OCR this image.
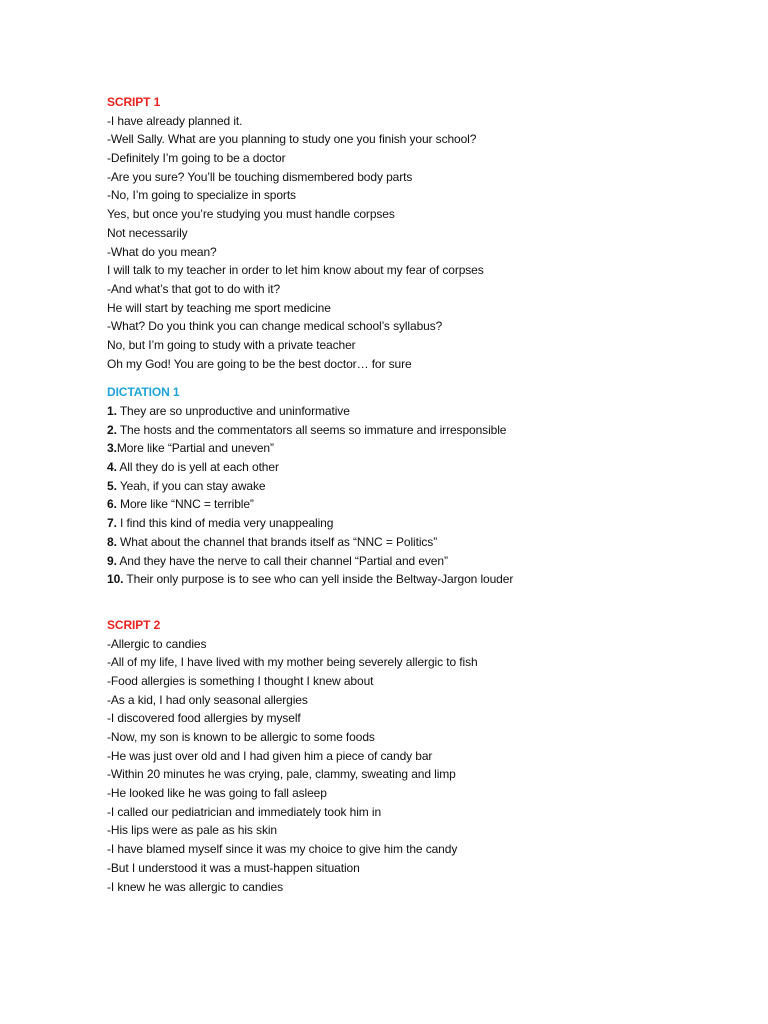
SCRIPT 1
-I have already planned it.
-Well Sally. What are you planning to study one you finish your school?
-Definitely I’m going to be a doctor
-Are you sure? You’ll be touching dismembered body parts
-No, I’m going to specialize in sports
Yes, but once you’re studying you must handle corpses
Not necessarily
-What do you mean?
I will talk to my teacher in order to let him know about my fear of corpses
-And what’s that got to do with it?
He will start by teaching me sport medicine
-What? Do you think you can change medical school’s syllabus?
No, but I’m going to study with a private teacher
Oh my God! You are going to be the best doctor… for sure
DICTATION 1
1. They are so unproductive and uninformative
2. The hosts and the commentators all seems so immature and irresponsible
3.More like “Partial and uneven”
4. All they do is yell at each other
5. Yeah, if you can stay awake
6. More like “NNC = terrible”
7. I find this kind of media very unappealing
8. What about the channel that brands itself as “NNC = Politics”
9. And they have the nerve to call their channel “Partial and even”
10. Their only purpose is to see who can yell inside the Beltway-Jargon louder
SCRIPT 2
-Allergic to candies
-All of my life, I have lived with my mother being severely allergic to fish
-Food allergies is something I thought I knew about
-As a kid, I had only seasonal allergies
-I discovered food allergies by myself
-Now, my son is known to be allergic to some foods
-He was just over old and I had given him a piece of candy bar
-Within 20 minutes he was crying, pale, clammy, sweating and limp
-He looked like he was going to fall asleep
-I called our pediatrician and immediately took him in
-His lips were as pale as his skin
-I have blamed myself since it was my choice to give him the candy
-But I understood it was a must-happen situation
-I knew he was allergic to candies
